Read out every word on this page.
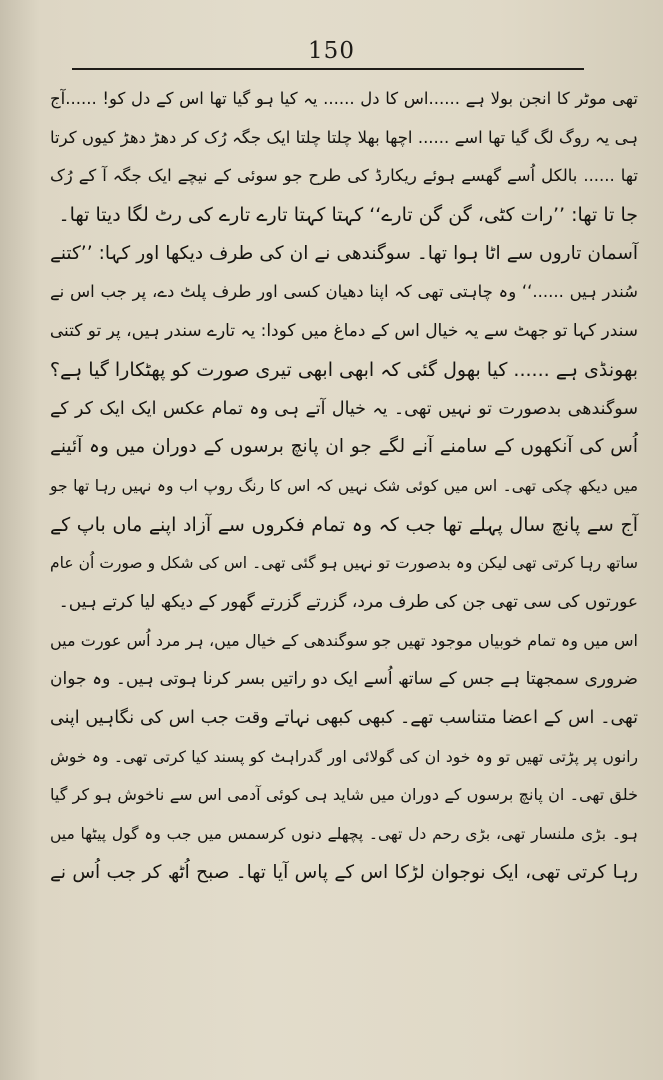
150
تھی موٹر کا انجن بولا ہے ......اس کا دل ...... یہ کیا ہو گیا تھا اس کے دل کو! ......آج
ہی یہ روگ لگ گیا تھا اسے ...... اچھا بھلا چلتا چلتا ایک جگہ رُک کر دھڑ دھڑ کیوں کرتا
تھا ...... بالکل اُسے گھسے ہوئے ریکارڈ کی طرح جو سوئی کے نیچے ایک جگہ آ کے رُک
جا تا تھا: ’’رات کٹی، گن گن تارے‘‘ کہتا کہتا تارے تارے کی رٹ لگا دیتا تھا۔
آسمان تاروں سے اٹا ہوا تھا۔ سوگندھی نے ان کی طرف دیکھا اور کہا: ’’کتنے
سُندر ہیں ......‘‘ وہ چاہتی تھی کہ اپنا دھیان کسی اور طرف پلٹ دے، پر جب اس نے
سندر کہا تو جھٹ سے یہ خیال اس کے دماغ میں کودا: یہ تارے سندر ہیں، پر تو کتنی
بھونڈی ہے ...... کیا بھول گئی کہ ابھی ابھی تیری صورت کو پھٹکارا گیا ہے؟
سوگندھی بدصورت تو نہیں تھی۔ یہ خیال آتے ہی وہ تمام عکس ایک ایک کر کے
اُس کی آنکھوں کے سامنے آنے لگے جو ان پانچ برسوں کے دوران میں وہ آئینے
میں دیکھ چکی تھی۔ اس میں کوئی شک نہیں کہ اس کا رنگ روپ اب وہ نہیں رہا تھا جو
آج سے پانچ سال پہلے تھا جب کہ وہ تمام فکروں سے آزاد اپنے ماں باپ کے
ساتھ رہا کرتی تھی لیکن وہ بدصورت تو نہیں ہو گئی تھی۔ اس کی شکل و صورت اُن عام
عورتوں کی سی تھی جن کی طرف مرد، گزرتے گزرتے گھور کے دیکھ لیا کرتے ہیں۔
اس میں وہ تمام خوبیاں موجود تھیں جو سوگندھی کے خیال میں، ہر مرد اُس عورت میں
ضروری سمجھتا ہے جس کے ساتھ اُسے ایک دو راتیں بسر کرنا ہوتی ہیں۔ وہ جوان
تھی۔ اس کے اعضا متناسب تھے۔ کبھی کبھی نہاتے وقت جب اس کی نگاہیں اپنی
رانوں پر پڑتی تھیں تو وہ خود ان کی گولائی اور گدراہٹ کو پسند کیا کرتی تھی۔ وہ خوش
خلق تھی۔ ان پانچ برسوں کے دوران میں شاید ہی کوئی آدمی اس سے ناخوش ہو کر گیا
ہو۔ بڑی ملنسار تھی، بڑی رحم دل تھی۔ پچھلے دنوں کرسمس میں جب وہ گول پیٹھا میں
رہا کرتی تھی، ایک نوجوان لڑکا اس کے پاس آیا تھا۔ صبح اُٹھ کر جب اُس نے
